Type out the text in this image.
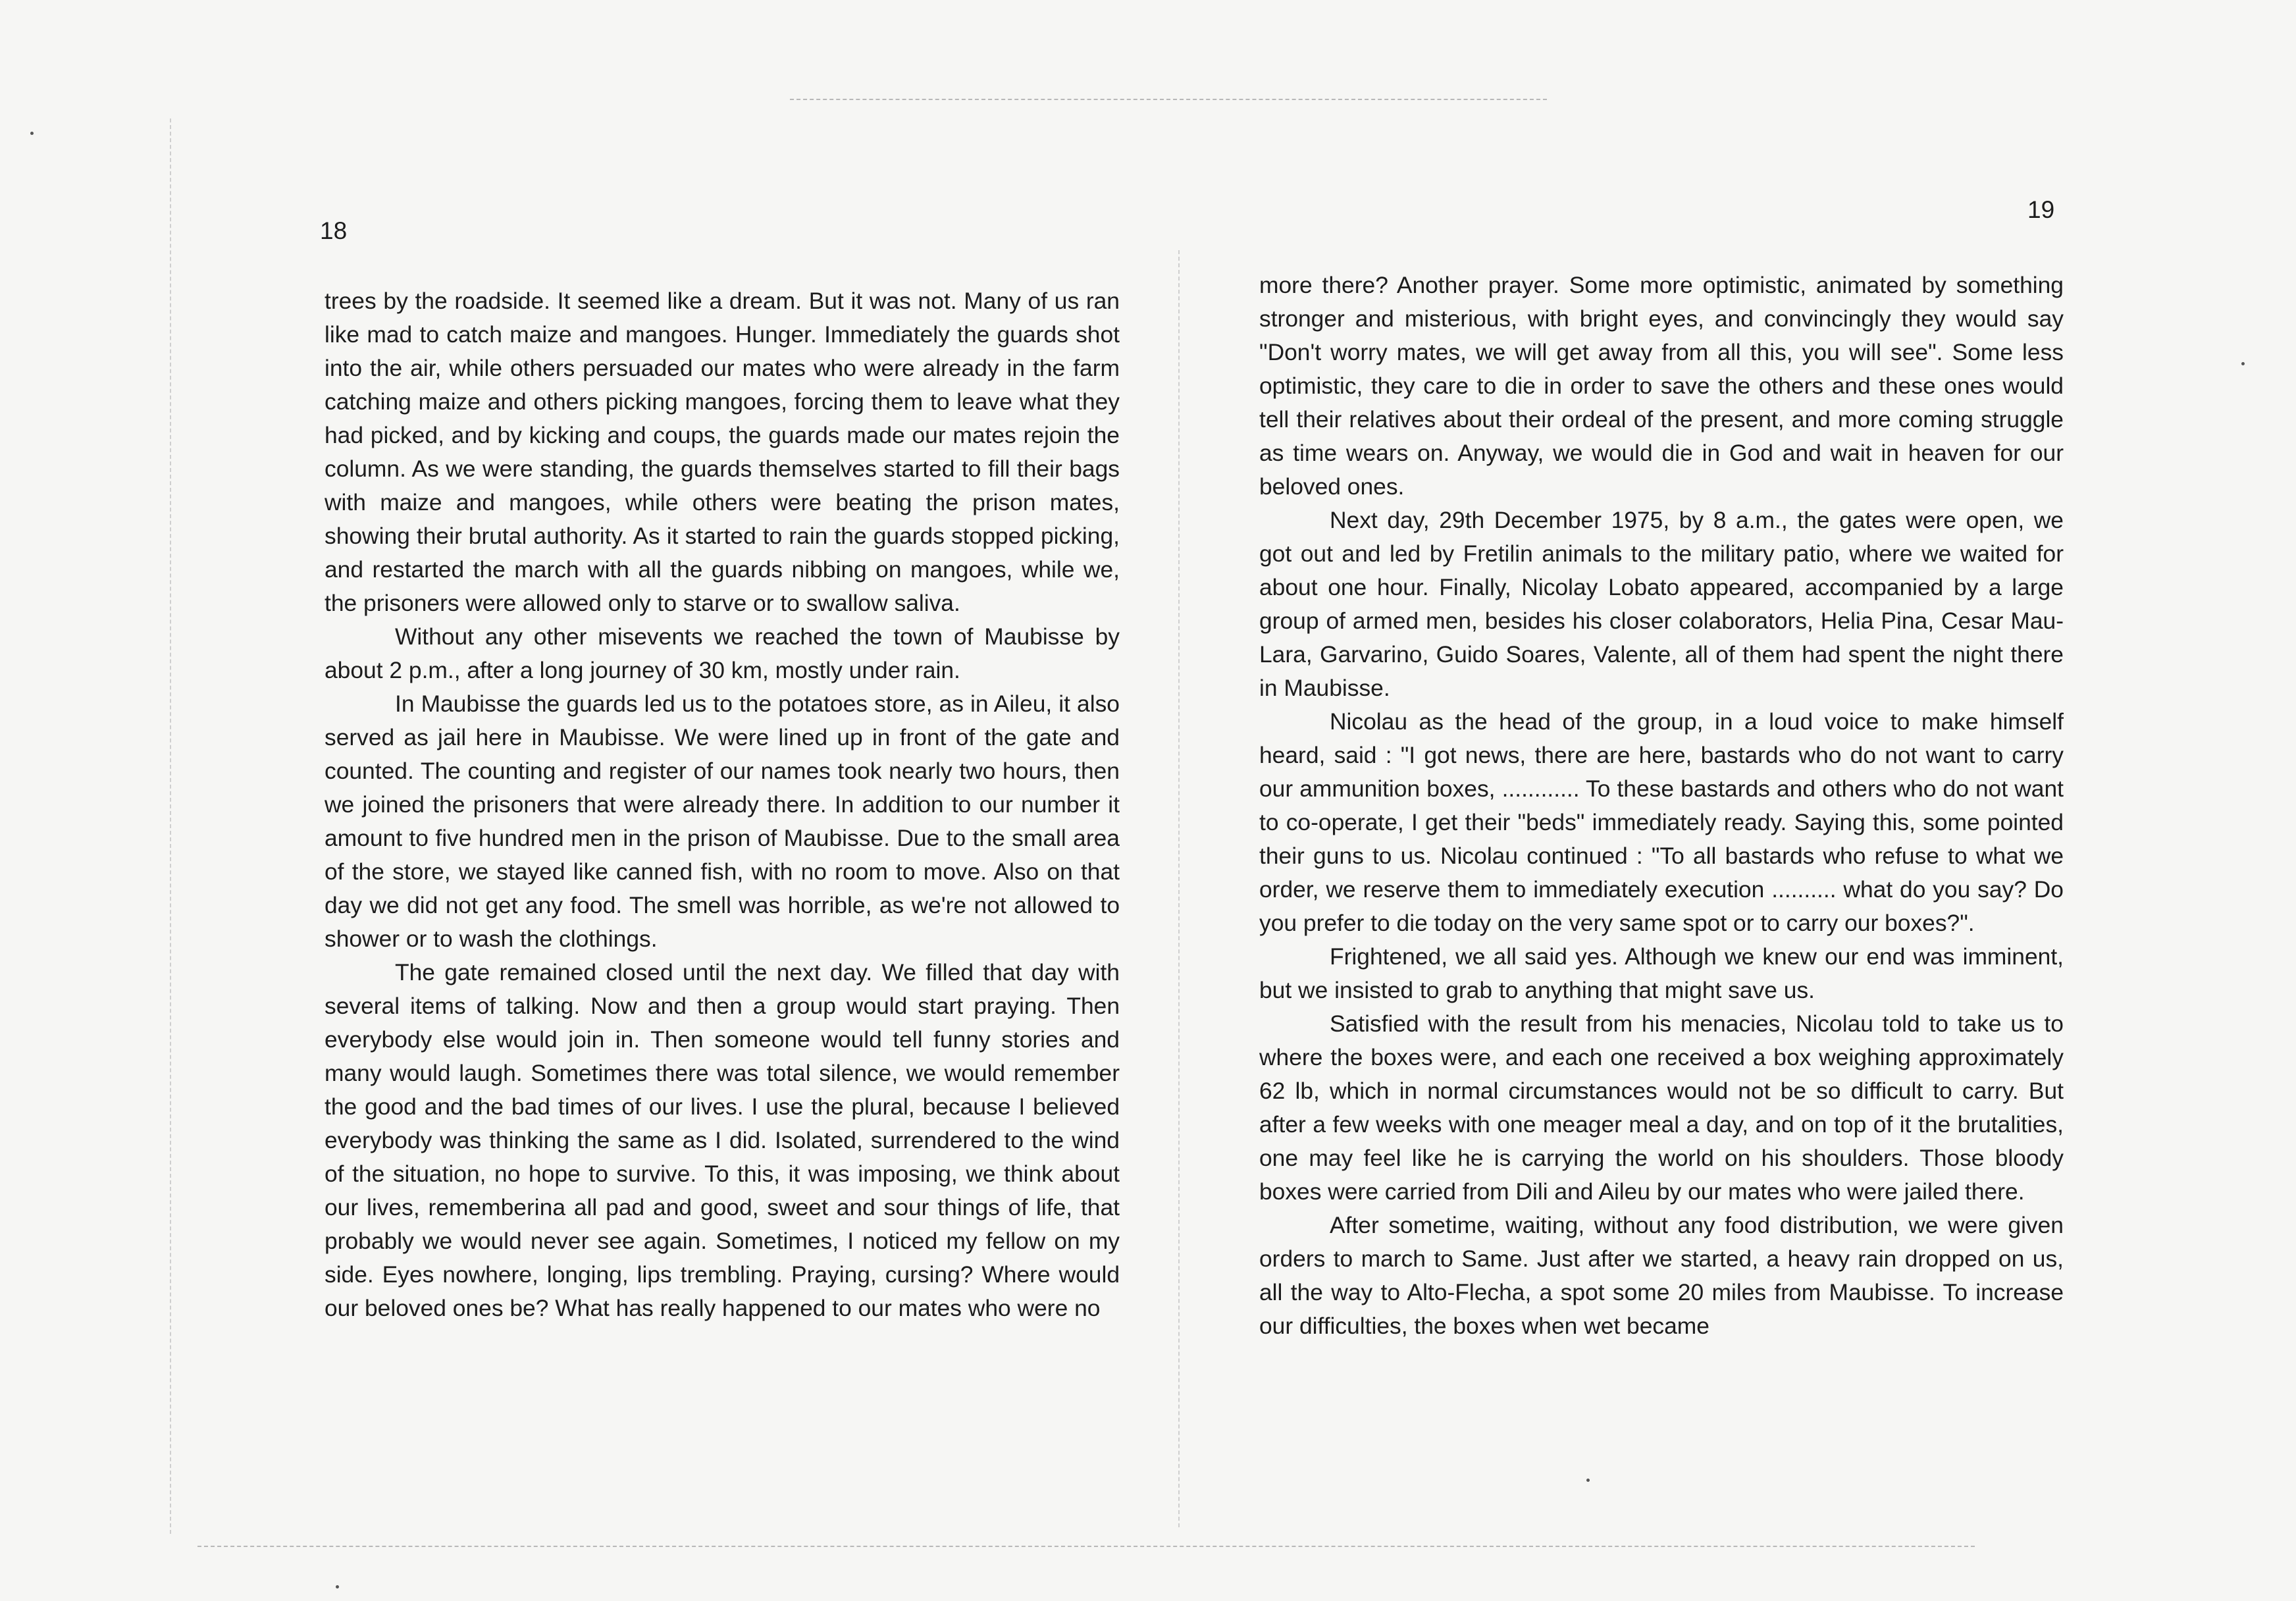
18

trees by the roadside. It seemed like a dream. But it was not. Many of us ran like mad to catch maize and mangoes. Hunger. Immediately the guards shot into the air, while others persuaded our mates who were already in the farm catching maize and others picking mangoes, forcing them to leave what they had picked, and by kicking and coups, the guards made our mates rejoin the column. As we were standing, the guards themselves started to fill their bags with maize and mangoes, while others were beating the prison mates, showing their brutal authority. As it started to rain the guards stopped picking, and restarted the march with all the guards nibbing on mangoes, while we, the prisoners were allowed only to starve or to swallow saliva.

Without any other misevents we reached the town of Maubisse by about 2 p.m., after a long journey of 30 km, mostly under rain.

In Maubisse the guards led us to the potatoes store, as in Aileu, it also served as jail here in Maubisse. We were lined up in front of the gate and counted. The counting and register of our names took nearly two hours, then we joined the prisoners that were already there. In addition to our number it amount to five hundred men in the prison of Maubisse. Due to the small area of the store, we stayed like canned fish, with no room to move. Also on that day we did not get any food. The smell was horrible, as we're not allowed to shower or to wash the clothings.

The gate remained closed until the next day. We filled that day with several items of talking. Now and then a group would start praying. Then everybody else would join in. Then someone would tell funny stories and many would laugh. Sometimes there was total silence, we would remember the good and the bad times of our lives. I use the plural, because I believed everybody was thinking the same as I did. Isolated, surrendered to the wind of the situation, no hope to survive. To this, it was imposing, we think about our lives, rememberina all pad and good, sweet and sour things of life, that probably we would never see again. Sometimes, I noticed my fellow on my side. Eyes nowhere, longing, lips trembling. Praying, cursing? Where would our beloved ones be? What has really happened to our mates who were no

19

more there? Another prayer. Some more optimistic, animated by something stronger and misterious, with bright eyes, and convincingly they would say "Don't worry mates, we will get away from all this, you will see". Some less optimistic, they care to die in order to save the others and these ones would tell their relatives about their ordeal of the present, and more coming struggle as time wears on. Anyway, we would die in God and wait in heaven for our beloved ones.

Next day, 29th December 1975, by 8 a.m., the gates were open, we got out and led by Fretilin animals to the military patio, where we waited for about one hour. Finally, Nicolay Lobato appeared, accompanied by a large group of armed men, besides his closer colaborators, Helia Pina, Cesar Mau-Lara, Garvarino, Guido Soares, Valente, all of them had spent the night there in Maubisse.

Nicolau as the head of the group, in a loud voice to make himself heard, said : "I got news, there are here, bastards who do not want to carry our ammunition boxes, ............ To these bastards and others who do not want to co-operate, I get their "beds" immediately ready. Saying this, some pointed their guns to us. Nicolau continued : "To all bastards who refuse to what we order, we reserve them to immediately execution .......... what do you say? Do you prefer to die today on the very same spot or to carry our boxes?".

Frightened, we all said yes. Although we knew our end was imminent, but we insisted to grab to anything that might save us.

Satisfied with the result from his menacies, Nicolau told to take us to where the boxes were, and each one received a box weighing approximately 62 lb, which in normal circumstances would not be so difficult to carry. But after a few weeks with one meager meal a day, and on top of it the brutalities, one may feel like he is carrying the world on his shoulders. Those bloody boxes were carried from Dili and Aileu by our mates who were jailed there.

After sometime, waiting, without any food distribution, we were given orders to march to Same. Just after we started, a heavy rain dropped on us, all the way to Alto-Flecha, a spot some 20 miles from Maubisse. To increase our difficulties, the boxes when wet became
